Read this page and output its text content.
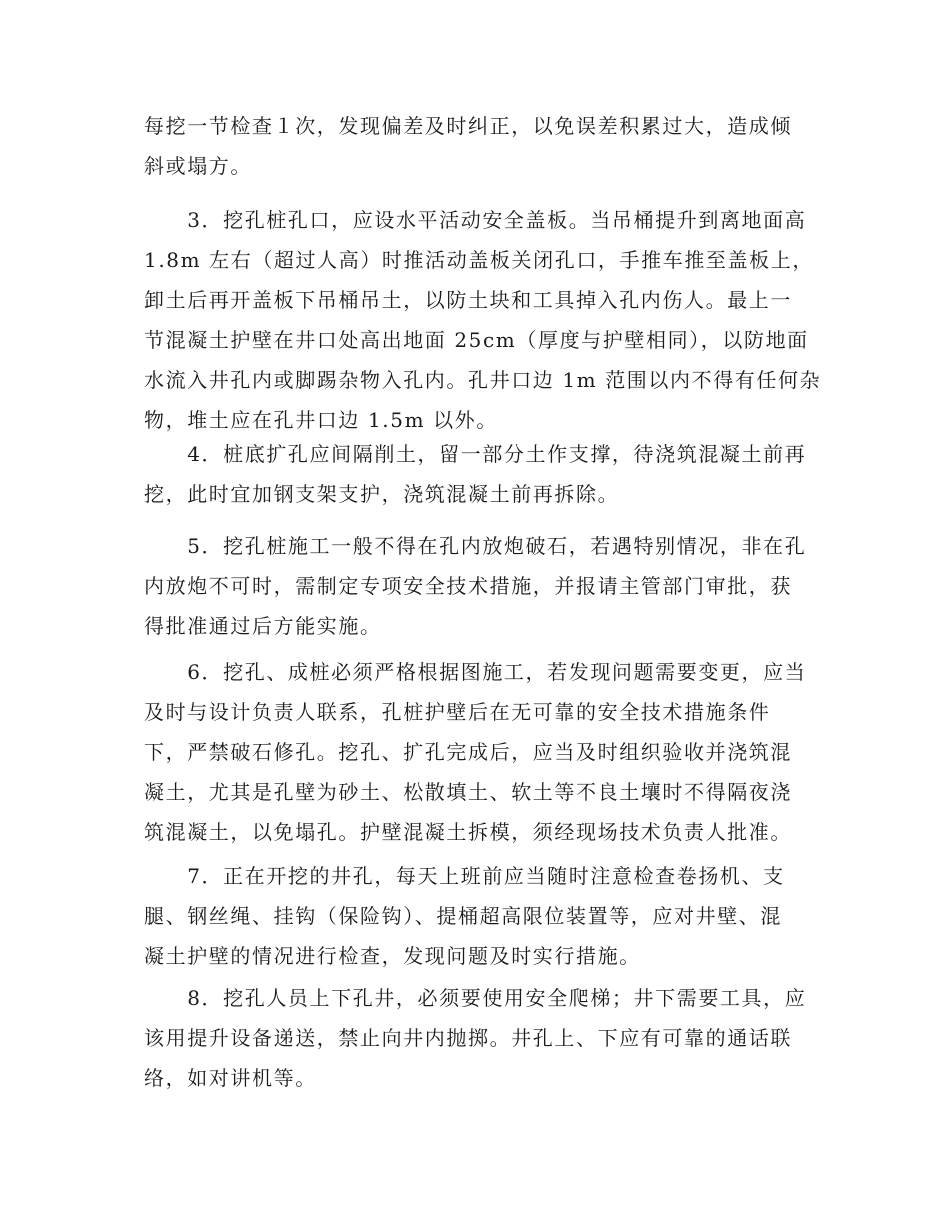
每挖一节检查１次，发现偏差及时纠正，以免误差积累过大，造成倾
斜或塌方。
　　3．挖孔桩孔口，应设水平活动安全盖板。当吊桶提升到离地面高
1.8m 左右（超过人高）时推活动盖板关闭孔口，手推车推至盖板上，
卸土后再开盖板下吊桶吊土，以防土块和工具掉入孔内伤人。最上一
节混凝土护壁在井口处高出地面 25cm（厚度与护壁相同），以防地面
水流入井孔内或脚踢杂物入孔内。孔井口边 1m 范围以内不得有任何杂
物，堆土应在孔井口边 1.5m 以外。
　　4．桩底扩孔应间隔削土，留一部分土作支撑，待浇筑混凝土前再
挖，此时宜加钢支架支护，浇筑混凝土前再拆除。
　　5．挖孔桩施工一般不得在孔内放炮破石，若遇特别情况，非在孔
内放炮不可时，需制定专项安全技术措施，并报请主管部门审批，获
得批准通过后方能实施。
　　6．挖孔、成桩必须严格根据图施工，若发现问题需要变更，应当
及时与设计负责人联系，孔桩护壁后在无可靠的安全技术措施条件
下，严禁破石修孔。挖孔、扩孔完成后，应当及时组织验收并浇筑混
凝土，尤其是孔壁为砂土、松散填土、软土等不良土壤时不得隔夜浇
筑混凝土，以免塌孔。护壁混凝土拆模，须经现场技术负责人批准。
　　7．正在开挖的井孔，每天上班前应当随时注意检查卷扬机、支
腿、钢丝绳、挂钩（保险钩）、提桶超高限位装置等，应对井壁、混
凝土护壁的情况进行检查，发现问题及时实行措施。
　　8．挖孔人员上下孔井，必须要使用安全爬梯；井下需要工具，应
该用提升设备递送，禁止向井内抛掷。井孔上、下应有可靠的通话联
络，如对讲机等。
